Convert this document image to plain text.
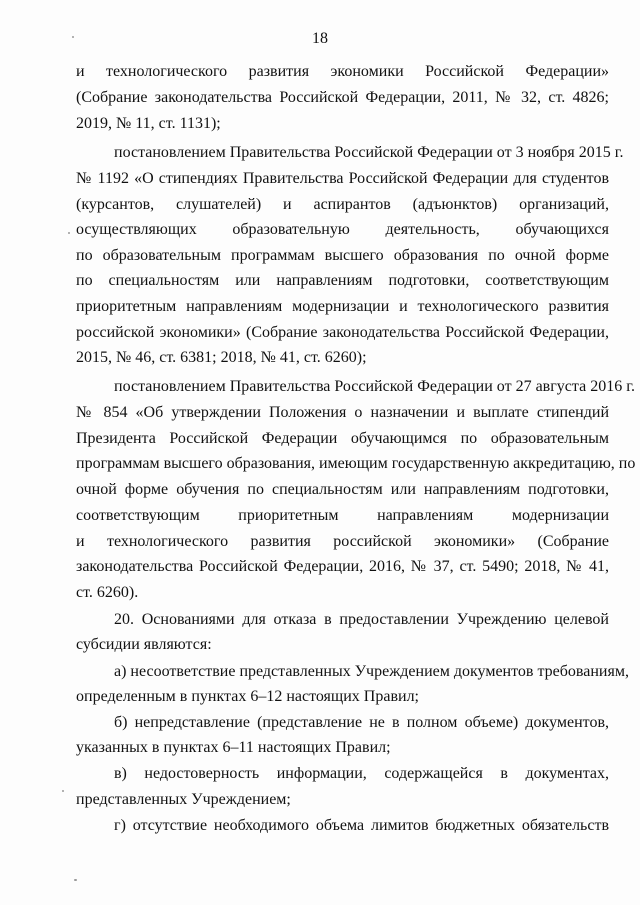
18
и технологического развития экономики Российской Федерации»
(Собрание законодательства Российской Федерации, 2011, № 32, ст. 4826;
2019, № 11, ст. 1131);
постановлением Правительства Российской Федерации от 3 ноября 2015 г.
№ 1192 «О стипендиях Правительства Российской Федерации для студентов
(курсантов, слушателей) и аспирантов (адъюнктов) организаций,
осуществляющих образовательную деятельность, обучающихся
по образовательным программам высшего образования по очной форме
по специальностям или направлениям подготовки, соответствующим
приоритетным направлениям модернизации и технологического развития
российской экономики» (Собрание законодательства Российской Федерации,
2015, № 46, ст. 6381; 2018, № 41, ст. 6260);
постановлением Правительства Российской Федерации от 27 августа 2016 г.
№ 854 «Об утверждении Положения о назначении и выплате стипендий
Президента Российской Федерации обучающимся по образовательным
программам высшего образования, имеющим государственную аккредитацию, по
очной форме обучения по специальностям или направлениям подготовки,
соответствующим приоритетным направлениям модернизации
и технологического развития российской экономики» (Собрание
законодательства Российской Федерации, 2016, № 37, ст. 5490; 2018, № 41,
ст. 6260).
20. Основаниями для отказа в предоставлении Учреждению целевой
субсидии являются:
а) несоответствие представленных Учреждением документов требованиям,
определенным в пунктах 6–12 настоящих Правил;
б) непредставление (представление не в полном объеме) документов,
указанных в пунктах 6–11 настоящих Правил;
в) недостоверность информации, содержащейся в документах,
представленных Учреждением;
г) отсутствие необходимого объема лимитов бюджетных обязательств
